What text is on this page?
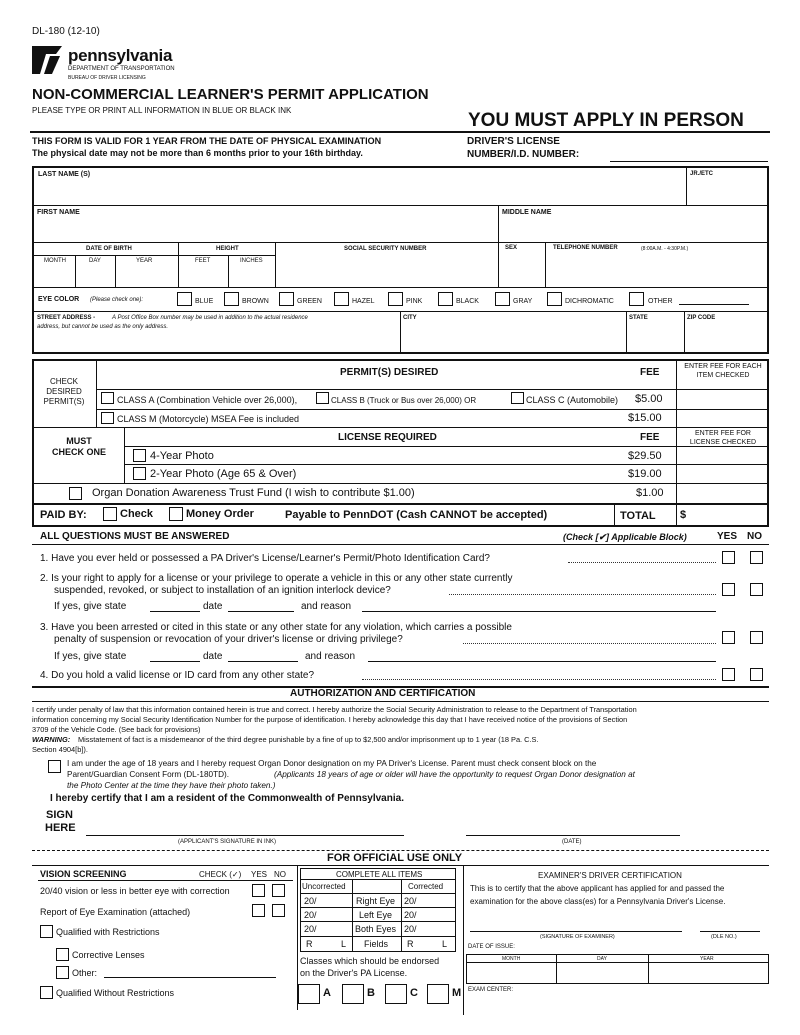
DL-180 (12-10)
pennsylvania
DEPARTMENT OF TRANSPORTATION
BUREAU OF DRIVER LICENSING
NON-COMMERCIAL LEARNER'S PERMIT APPLICATION
PLEASE TYPE OR PRINT ALL INFORMATION IN BLUE OR BLACK INK	YOU MUST APPLY IN PERSON
THIS FORM IS VALID FOR 1 YEAR FROM THE DATE OF PHYSICAL EXAMINATION
The physical date may not be more than 6 months prior to your 16th birthday.
DRIVER'S LICENSE
NUMBER/I.D. NUMBER:
LAST NAME (S)	JR./ETC
FIRST NAME	MIDDLE NAME
DATE OF BIRTH
MONTH	DAY	YEAR
HEIGHT
FEET	INCHES
SOCIAL SECURITY NUMBER	SEX	TELEPHONE NUMBER	(8:00A.M. - 4:30P.M.)
EYE COLOR (Please check one):	BLUE	BROWN	GREEN	HAZEL	PINK	BLACK	GRAY	DICHROMATIC	OTHER
STREET ADDRESS -	A Post Office Box number may be used in addition to the actual residence
address, but cannot be used as the only address.
CITY	STATE	ZIP CODE
CHECK DESIRED PERMIT(S)
PERMIT(S) DESIRED	FEE
ENTER FEE FOR EACH ITEM CHECKED
CLASS A (Combination Vehicle over 26,000),	CLASS B (Truck or Bus over 26,000) OR	CLASS C (Automobile) $5.00
CLASS M (Motorcycle) MSEA Fee is included	$15.00
MUST CHECK ONE
LICENSE REQUIRED	FEE	ENTER FEE FOR LICENSE CHECKED
4-Year Photo	$29.50
2-Year Photo (Age 65 & Over)	$19.00
Organ Donation Awareness Trust Fund (I wish to contribute $1.00)	$1.00
PAID BY:	Check	Money Order	Payable to PennDOT (Cash CANNOT be accepted)	TOTAL $
ALL QUESTIONS MUST BE ANSWERED	(Check [✔] Applicable Block)	YES NO
1. Have you ever held or possessed a PA Driver's License/Learner's Permit/Photo Identification Card?
2. Is your right to apply for a license or your privilege to operate a vehicle in this or any other state currently
suspended, revoked, or subject to installation of an ignition interlock device?
If yes, give state	date	and reason
3. Have you been arrested or cited in this state or any other state for any violation, which carries a possible
penalty of suspension or revocation of your driver's license or driving privilege?
If yes, give state	date	and reason
4. Do you hold a valid license or ID card from any other state?
AUTHORIZATION AND CERTIFICATION
I certify under penalty of law that this information contained herein is true and correct. I hereby authorize the Social Security Administration to release to the Department of Transportation
information concerning my Social Security Identification Number for the purpose of identification. I hereby acknowledge this day that I have received notice of the provisions of Section
3709 of the Vehicle Code. (See back for provisions)
WARNING: Misstatement of fact is a misdemeanor of the third degree punishable by a fine of up to $2,500 and/or imprisonment up to 1 year (18 Pa. C.S.
Section 4904[b]).
I am under the age of 18 years and I hereby request Organ Donor designation on my PA Driver's License. Parent must check consent block on the
Parent/Guardian Consent Form (DL-180TD).	(Applicants 18 years of age or older will have the opportunity to request Organ Donor designation at
the Photo Center at the time they have their photo taken.)
I hereby certify that I am a resident of the Commonwealth of Pennsylvania.
SIGN
HERE
(APPLICANT'S SIGNATURE IN INK)	(DATE)
FOR OFFICIAL USE ONLY
VISION SCREENING	CHECK (✓) YES NO
20/40 vision or less in better eye with correction
Report of Eye Examination (attached)
Qualified with Restrictions
Corrective Lenses
Other:
Qualified Without Restrictions
COMPLETE ALL ITEMS
Uncorrected	Corrected
20/	Right Eye 20/
20/	Left Eye 20/
20/	Both Eyes 20/
R	L Fields R	L
Classes which should be endorsed
on the Driver's PA License.
A	B	C	M
EXAMINER'S DRIVER CERTIFICATION
This is to certify that the above applicant has applied for and passed the
examination for the above class(es) for a Pennsylvania Driver's License.
(SIGNATURE OF EXAMINER)	(DLE NO.)
DATE OF ISSUE:
MONTH	DAY	YEAR
EXAM CENTER:
